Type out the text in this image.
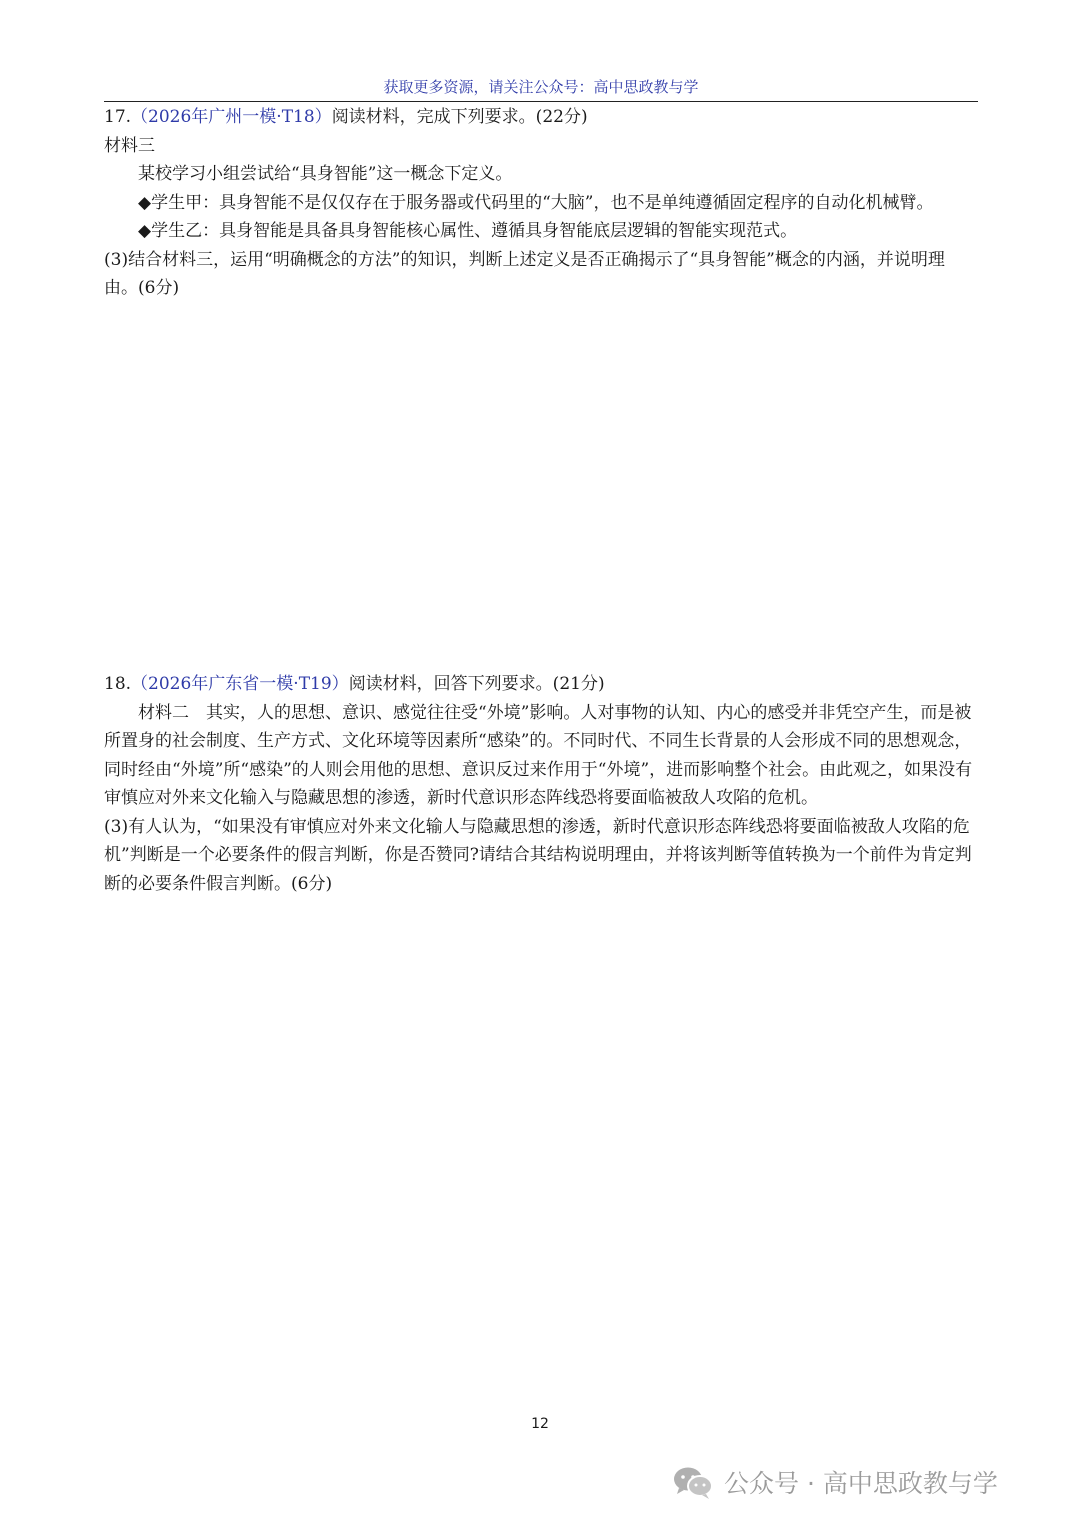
获取更多资源，请关注公众号：高中思政教与学

17.（2026年广州一模·T18）阅读材料，完成下列要求。(22分)

材料三

某校学习小组尝试给“具身智能”这一概念下定义。

◆学生甲：具身智能不是仅仅存在于服务器或代码里的“大脑”，也不是单纯遵循固定程序的自动化机械臂。

◆学生乙：具身智能是具备具身智能核心属性、遵循具身智能底层逻辑的智能实现范式。

(3)结合材料三，运用“明确概念的方法”的知识，判断上述定义是否正确揭示了“具身智能”概念的内涵，并说明理由。(6分)

18.（2026年广东省一模·T19）阅读材料，回答下列要求。(21分)

材料二　其实，人的思想、意识、感觉往往受“外境”影响。人对事物的认知、内心的感受并非凭空产生，而是被所置身的社会制度、生产方式、文化环境等因素所“感染”的。不同时代、不同生长背景的人会形成不同的思想观念，同时经由“外境”所“感染”的人则会用他的思想、意识反过来作用于“外境”，进而影响整个社会。由此观之，如果没有审慎应对外来文化输入与隐藏思想的渗透，新时代意识形态阵线恐将要面临被敌人攻陷的危机。

(3)有人认为，“如果没有审慎应对外来文化输人与隐藏思想的渗透，新时代意识形态阵线恐将要面临被敌人攻陷的危机”判断是一个必要条件的假言判断，你是否赞同?请结合其结构说明理由，并将该判断等值转换为一个前件为肯定判断的必要条件假言判断。(6分)

12
公众号 · 高中思政教与学
